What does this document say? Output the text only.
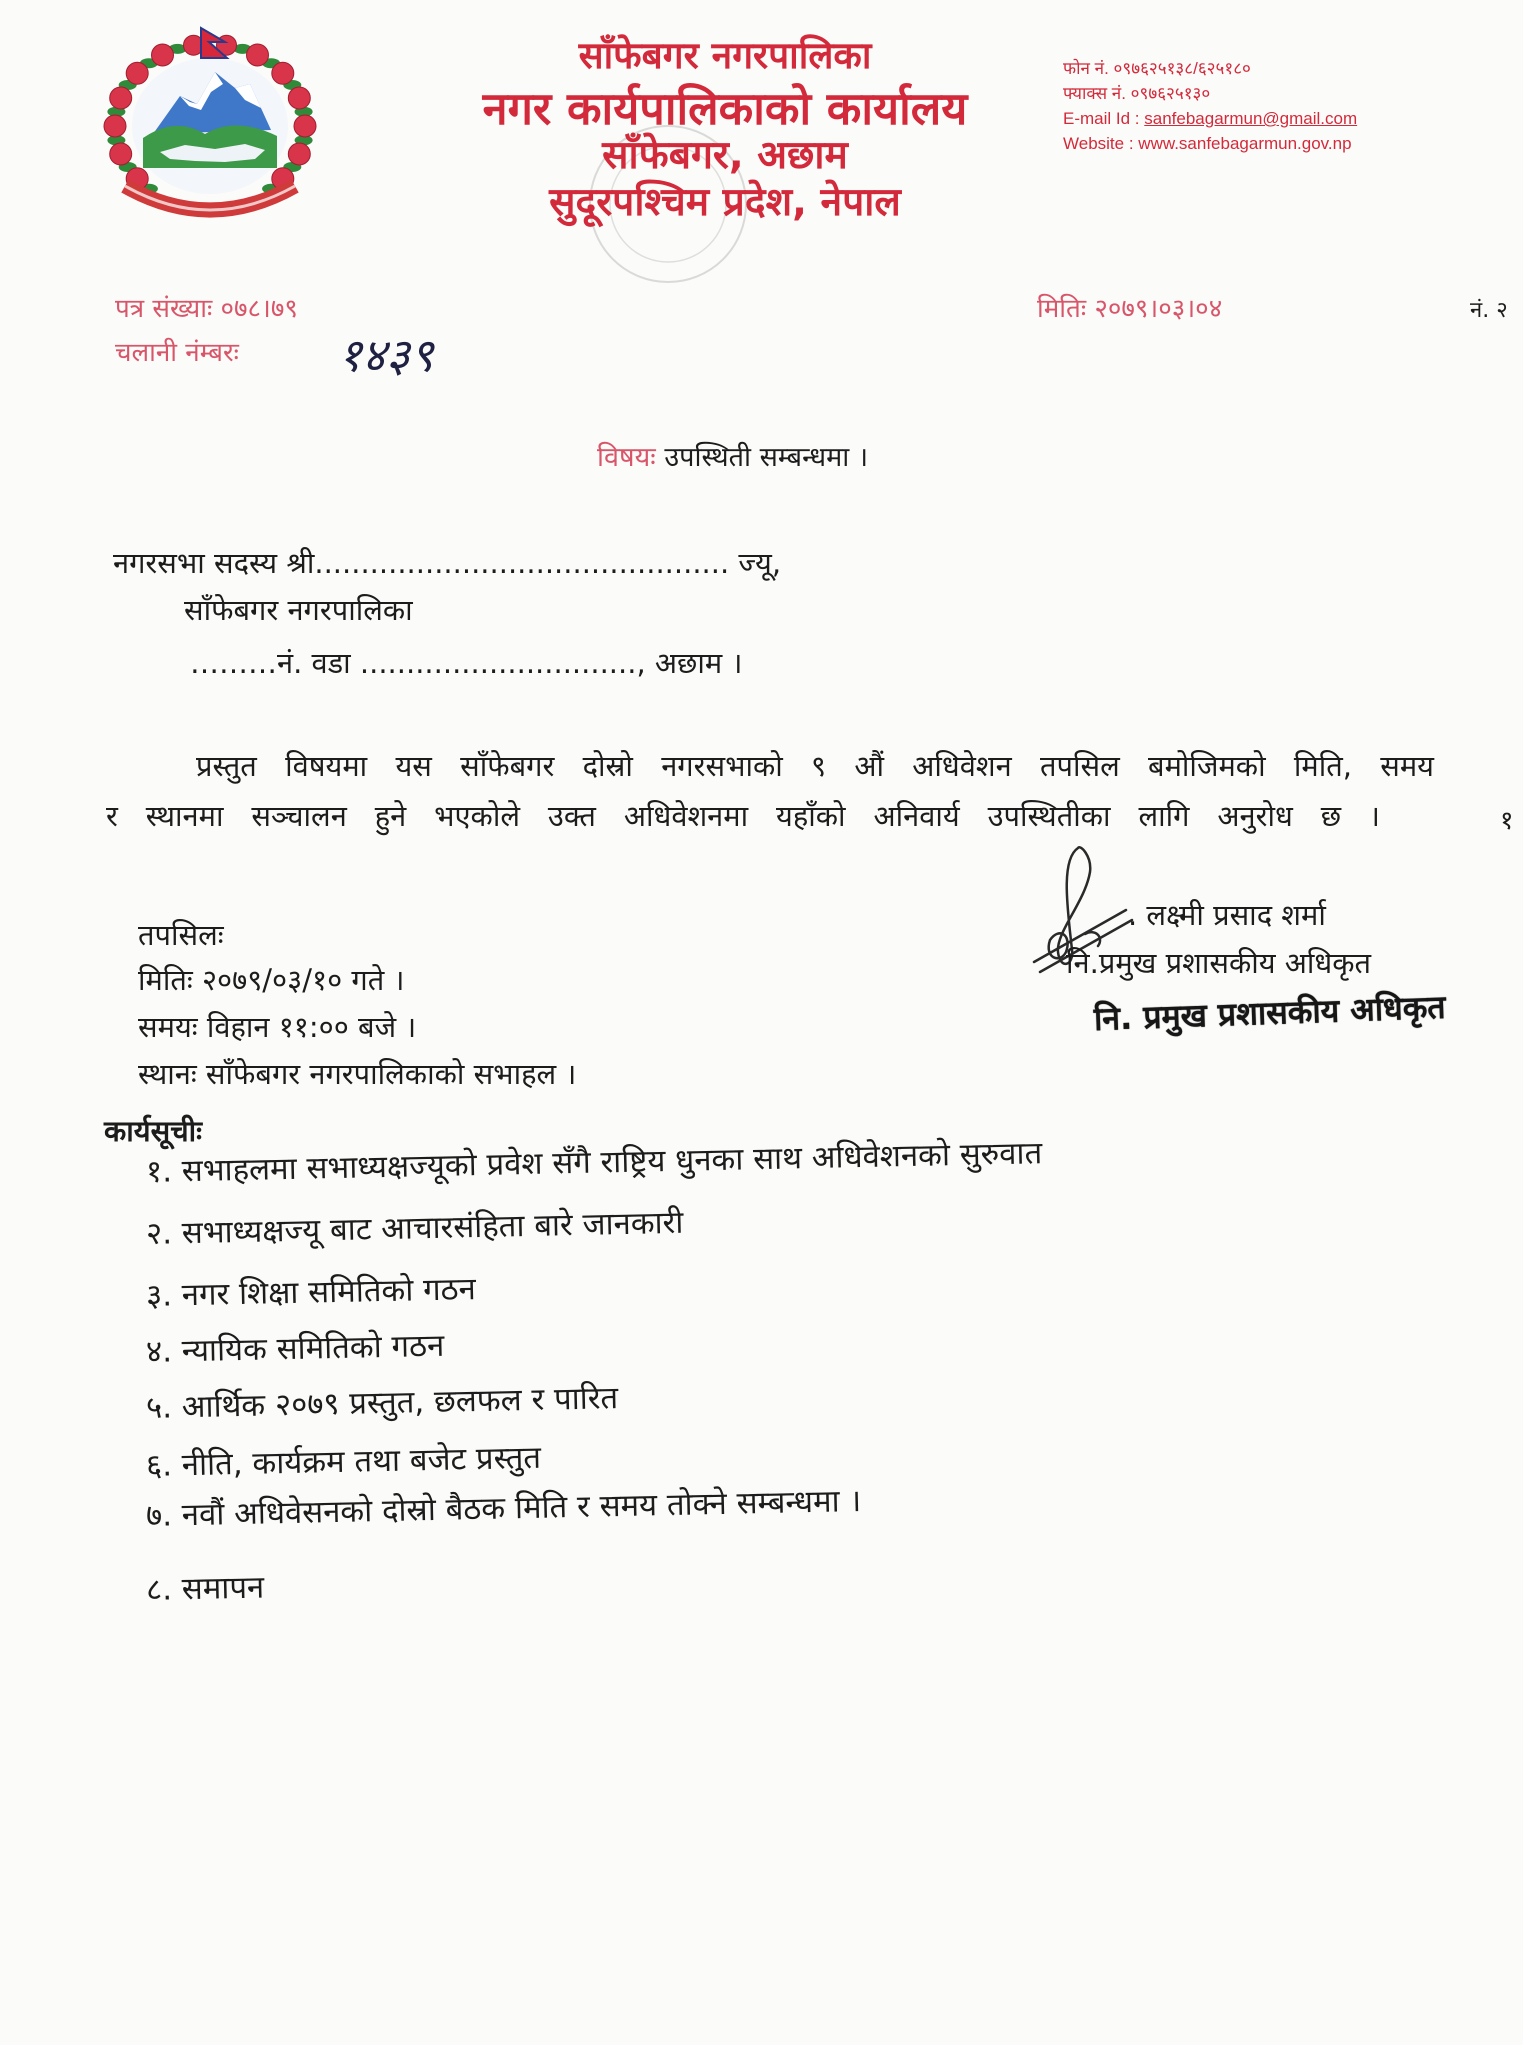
साँफेबगर नगरपालिका
नगर कार्यपालिकाको कार्यालय
साँफेबगर, अछाम
सुदूरपश्चिम प्रदेश, नेपाल
फोन नं. ०९७६२५१३८/६२५१८०
फ्याक्स नं. ०९७६२५१३०
E-mail Id : sanfebagarmun@gmail.com
Website : www.sanfebagarmun.gov.np
पत्र संख्याः ०७८।७९
चलानी नंम्बरः १४३९
मितिः २०७९।०३।०४	नं. २
विषयः उपस्थिती सम्बन्धमा ।
नगरसभा सदस्य श्री............................................. ज्यू,
साँफेबगर नगरपालिका
………नं. वडा .............................., अछाम ।
प्रस्तुत विषयमा यस साँफेबगर दोस्रो नगरसभाको ९ औं अधिवेशन तपसिल बमोजिमको मिति, समय
र स्थानमा सञ्चालन हुने भएकोले उक्त अधिवेशनमा यहाँको अनिवार्य उपस्थितीका लागि अनुरोध छ ।	१
. लक्ष्मी प्रसाद शर्मा
नि.प्रमुख प्रशासकीय अधिकृत
नि. प्रमुख प्रशासकीय अधिकृत
तपसिलः
मितिः २०७९/०३/१० गते ।
समयः विहान ११:०० बजे ।
स्थानः साँफेबगर नगरपालिकाको सभाहल ।
कार्यसूचीः
१. सभाहलमा सभाध्यक्षज्यूको प्रवेश सँगै राष्ट्रिय धुनका साथ अधिवेशनको सुरुवात
२. सभाध्यक्षज्यू बाट आचारसंहिता बारे जानकारी
३. नगर शिक्षा समितिको गठन
४. न्यायिक समितिको गठन
५. आर्थिक २०७९ प्रस्तुत, छलफल र पारित
६. नीति, कार्यक्रम तथा बजेट प्रस्तुत
७. नवौं अधिवेसनको दोस्रो बैठक मिति र समय तोक्ने सम्बन्धमा ।
८. समापन
